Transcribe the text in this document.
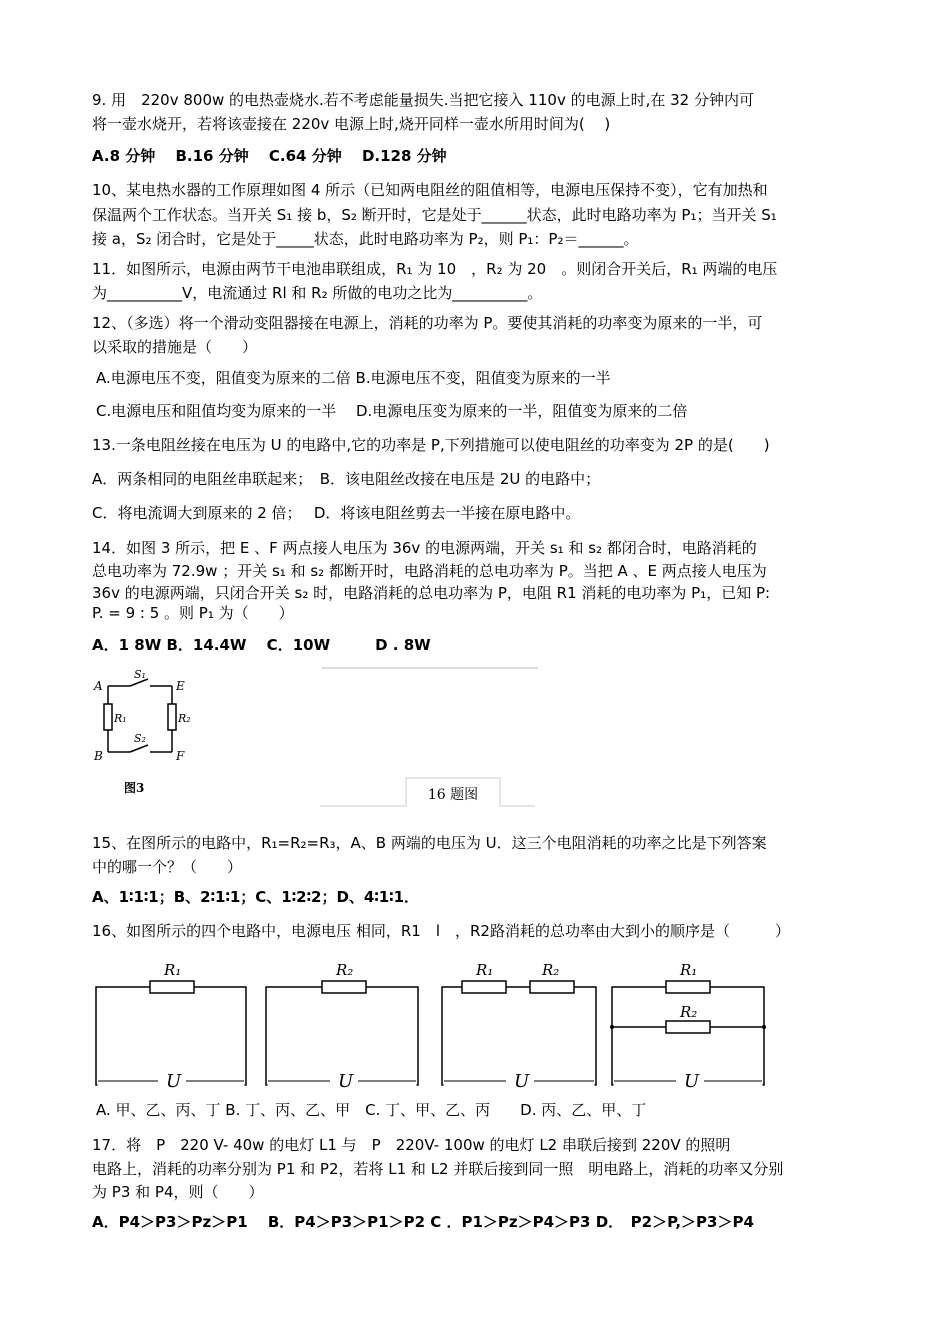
9. 用　220v 800w 的电热壶烧水.若不考虑能量损失.当把它接入 110v 的电源上时,在 32 分钟内可
将一壶水烧开，若将该壶接在 220v 电源上时,烧开同样一壶水所用时间为(　 )
A.8 分钟　 B.16 分钟　 C.64 分钟　 D.128 分钟
10、某电热水器的工作原理如图 4 所示（已知两电阻丝的阻值相等，电源电压保持不变），它有加热和
保温两个工作状态。当开关 S₁ 接 b，S₂ 断开时，它是处于______状态，此时电路功率为 P₁；当开关 S₁
接 a，S₂ 闭合时，它是处于_____状态，此时电路功率为 P₂，则 P₁：P₂＝______。
11．如图所示，电源由两节干电池串联组成，R₁ 为 10　，R₂ 为 20　。则闭合开关后，R₁ 两端的电压
为__________V，电流通过 Rl 和 R₂ 所做的电功之比为__________。
12、（多选）将一个滑动变阻器接在电源上，消耗的功率为 P。要使其消耗的功率变为原来的一半，可
以采取的措施是（　　）
A.电源电压不变，阻值变为原来的二倍 B.电源电压不变，阻值变为原来的一半
C.电源电压和阻值均变为原来的一半　 D.电源电压变为原来的一半，阻值变为原来的二倍
13.一条电阻丝接在电压为 U 的电路中,它的功率是 P,下列措施可以使电阻丝的功率变为 2P 的是(　　)
A．两条相同的电阻丝串联起来；　B．该电阻丝改接在电压是 2U 的电路中；
C．将电流调大到原来的 2 倍；　 D．将该电阻丝剪去一半接在原电路中。
14．如图 3 所示，把 E 、F 两点接人电压为 36v 的电源两端，开关 s₁ 和 s₂ 都闭合时，电路消耗的
总电功率为 72.9w ；开关 s₁ 和 s₂ 都断开时，电路消耗的总电功率为 P。当把 A 、E 两点接人电压为
36v 的电源两端，只闭合开关 s₂ 时，电路消耗的总电功率为 P，电阻 R1 消耗的电功率为 P₁，已知 P:
P. = 9 : 5 。则 P₁ 为（　　）
A．1 8W B．14.4W　 C．10W　　　D . 8W
A
B
E
F
S₁
S₂
R₁	R₂
图3	16 题图
15、在图所示的电路中，R₁=R₂=R₃，A、B 两端的电压为 U．这三个电阻消耗的功率之比是下列答案
中的哪一个？（　　）
A、1∶1∶1；B、2∶1∶1；C、1∶2∶2；D、4∶1∶1．
16、如图所示的四个电路中，电源电压 相同，R1　l　，R2路消耗的总功率由大到小的顺序是（　　　）
R₁	R₂	R₁	R₂	R₁
R₂
U	U	U	U
A. 甲、乙、丙、丁 B. 丁、丙、乙、甲　C. 丁、甲、乙、丙　　D. 丙、乙、甲、丁
17．将　P　220 V- 40w 的电灯 L1 与　P　220V- 100w 的电灯 L2 串联后接到 220V 的照明
电路上，消耗的功率分别为 P1 和 P2，若将 L1 和 L2 并联后接到同一照　明电路上，消耗的功率又分别
为 P3 和 P4，则（　　）
A．P4＞P3＞Pz＞P1　 B．P4＞P3＞P1＞P2 C ．P1＞Pz＞P4＞P3 D．　P2＞P,＞P3＞P4
